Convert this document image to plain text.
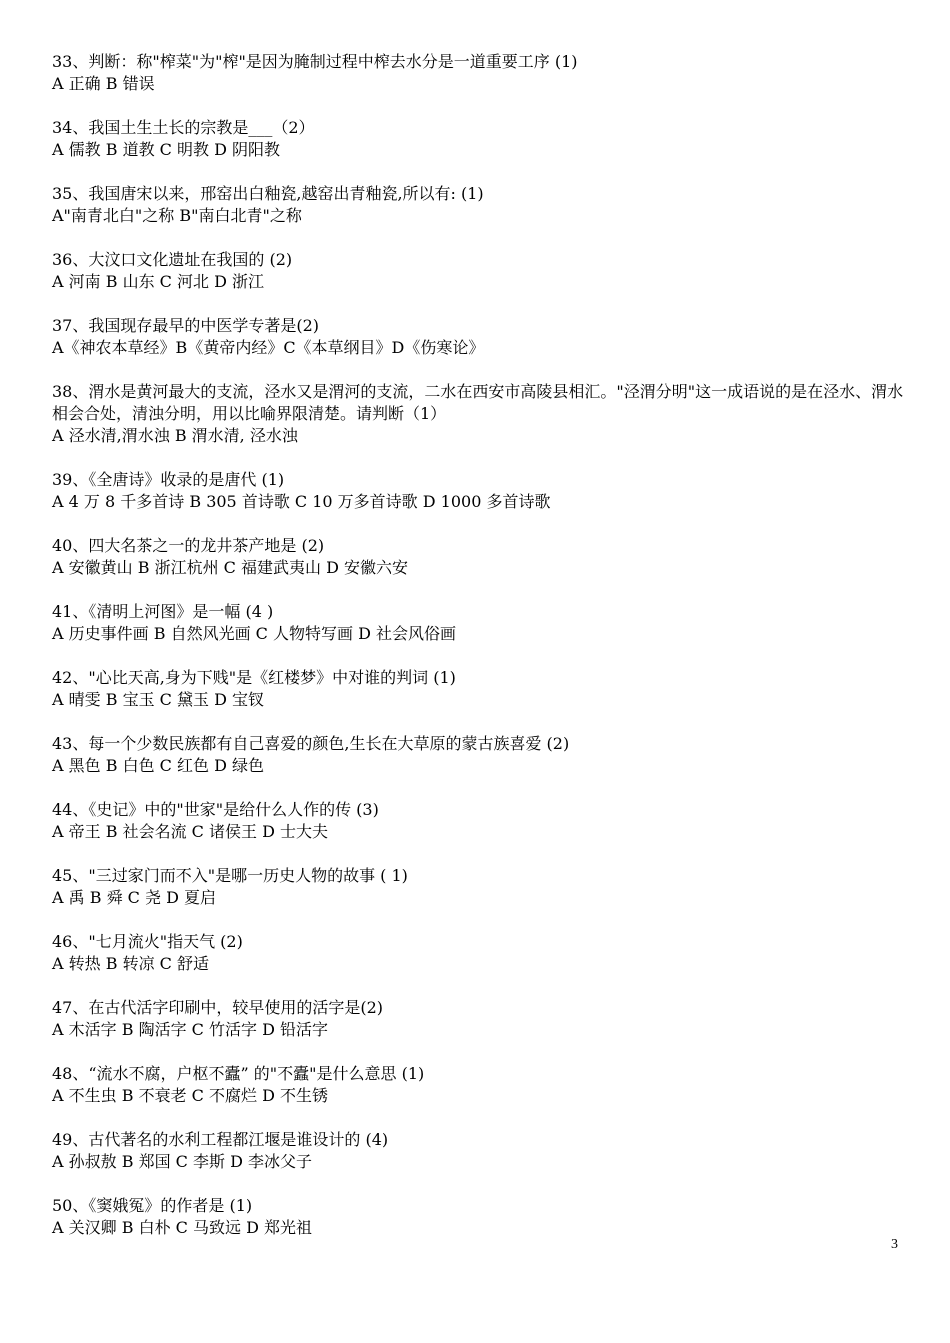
33、判断：称"榨菜"为"榨"是因为腌制过程中榨去水分是一道重要工序 (1)
A 正确 B 错误
34、我国土生土长的宗教是___（2）
A 儒教 B 道教 C 明教 D 阴阳教
35、我国唐宋以来，邢窑出白釉瓷,越窑出青釉瓷,所以有: (1)
A"南青北白"之称 B"南白北青"之称
36、大汶口文化遗址在我国的 (2)
A 河南 B 山东 C 河北 D 浙江
37、我国现存最早的中医学专著是(2)
A《神农本草经》B《黄帝内经》C《本草纲目》D《伤寒论》
38、渭水是黄河最大的支流，泾水又是渭河的支流，二水在西安市高陵县相汇。"泾渭分明"这一成语说的是在泾水、渭水相会合处，清浊分明，用以比喻界限清楚。请判断（1）
A 泾水清,渭水浊 B 渭水清, 泾水浊
39、《全唐诗》收录的是唐代 (1)
A 4 万 8 千多首诗 B 305 首诗歌 C 10 万多首诗歌 D 1000 多首诗歌
40、四大名茶之一的龙井茶产地是 (2)
A 安徽黄山 B 浙江杭州 C 福建武夷山 D 安徽六安
41、《清明上河图》是一幅 (4 )
A 历史事件画 B 自然风光画 C 人物特写画 D 社会风俗画
42、"心比天高,身为下贱"是《红楼梦》中对谁的判词 (1)
A 晴雯 B 宝玉 C 黛玉 D 宝钗
43、每一个少数民族都有自己喜爱的颜色,生长在大草原的蒙古族喜爱 (2)
A 黑色 B 白色 C 红色 D 绿色
44、《史记》中的"世家"是给什么人作的传 (3)
A 帝王 B 社会名流 C 诸侯王 D 士大夫
45、"三过家门而不入"是哪一历史人物的故事 ( 1)
A 禹 B 舜 C 尧 D 夏启
46、"七月流火"指天气 (2)
A 转热 B 转凉 C 舒适
47、在古代活字印刷中，较早使用的活字是(2)
A 木活字 B 陶活字 C 竹活字 D 铅活字
48、“流水不腐，户枢不蠹” 的"不蠹"是什么意思 (1)
A 不生虫 B 不衰老 C 不腐烂 D 不生锈
49、古代著名的水利工程都江堰是谁设计的 (4)
A 孙叔敖 B 郑国 C 李斯 D 李冰父子
50、《窦娥冤》的作者是 (1)
A 关汉卿 B 白朴 C 马致远 D 郑光祖
3
